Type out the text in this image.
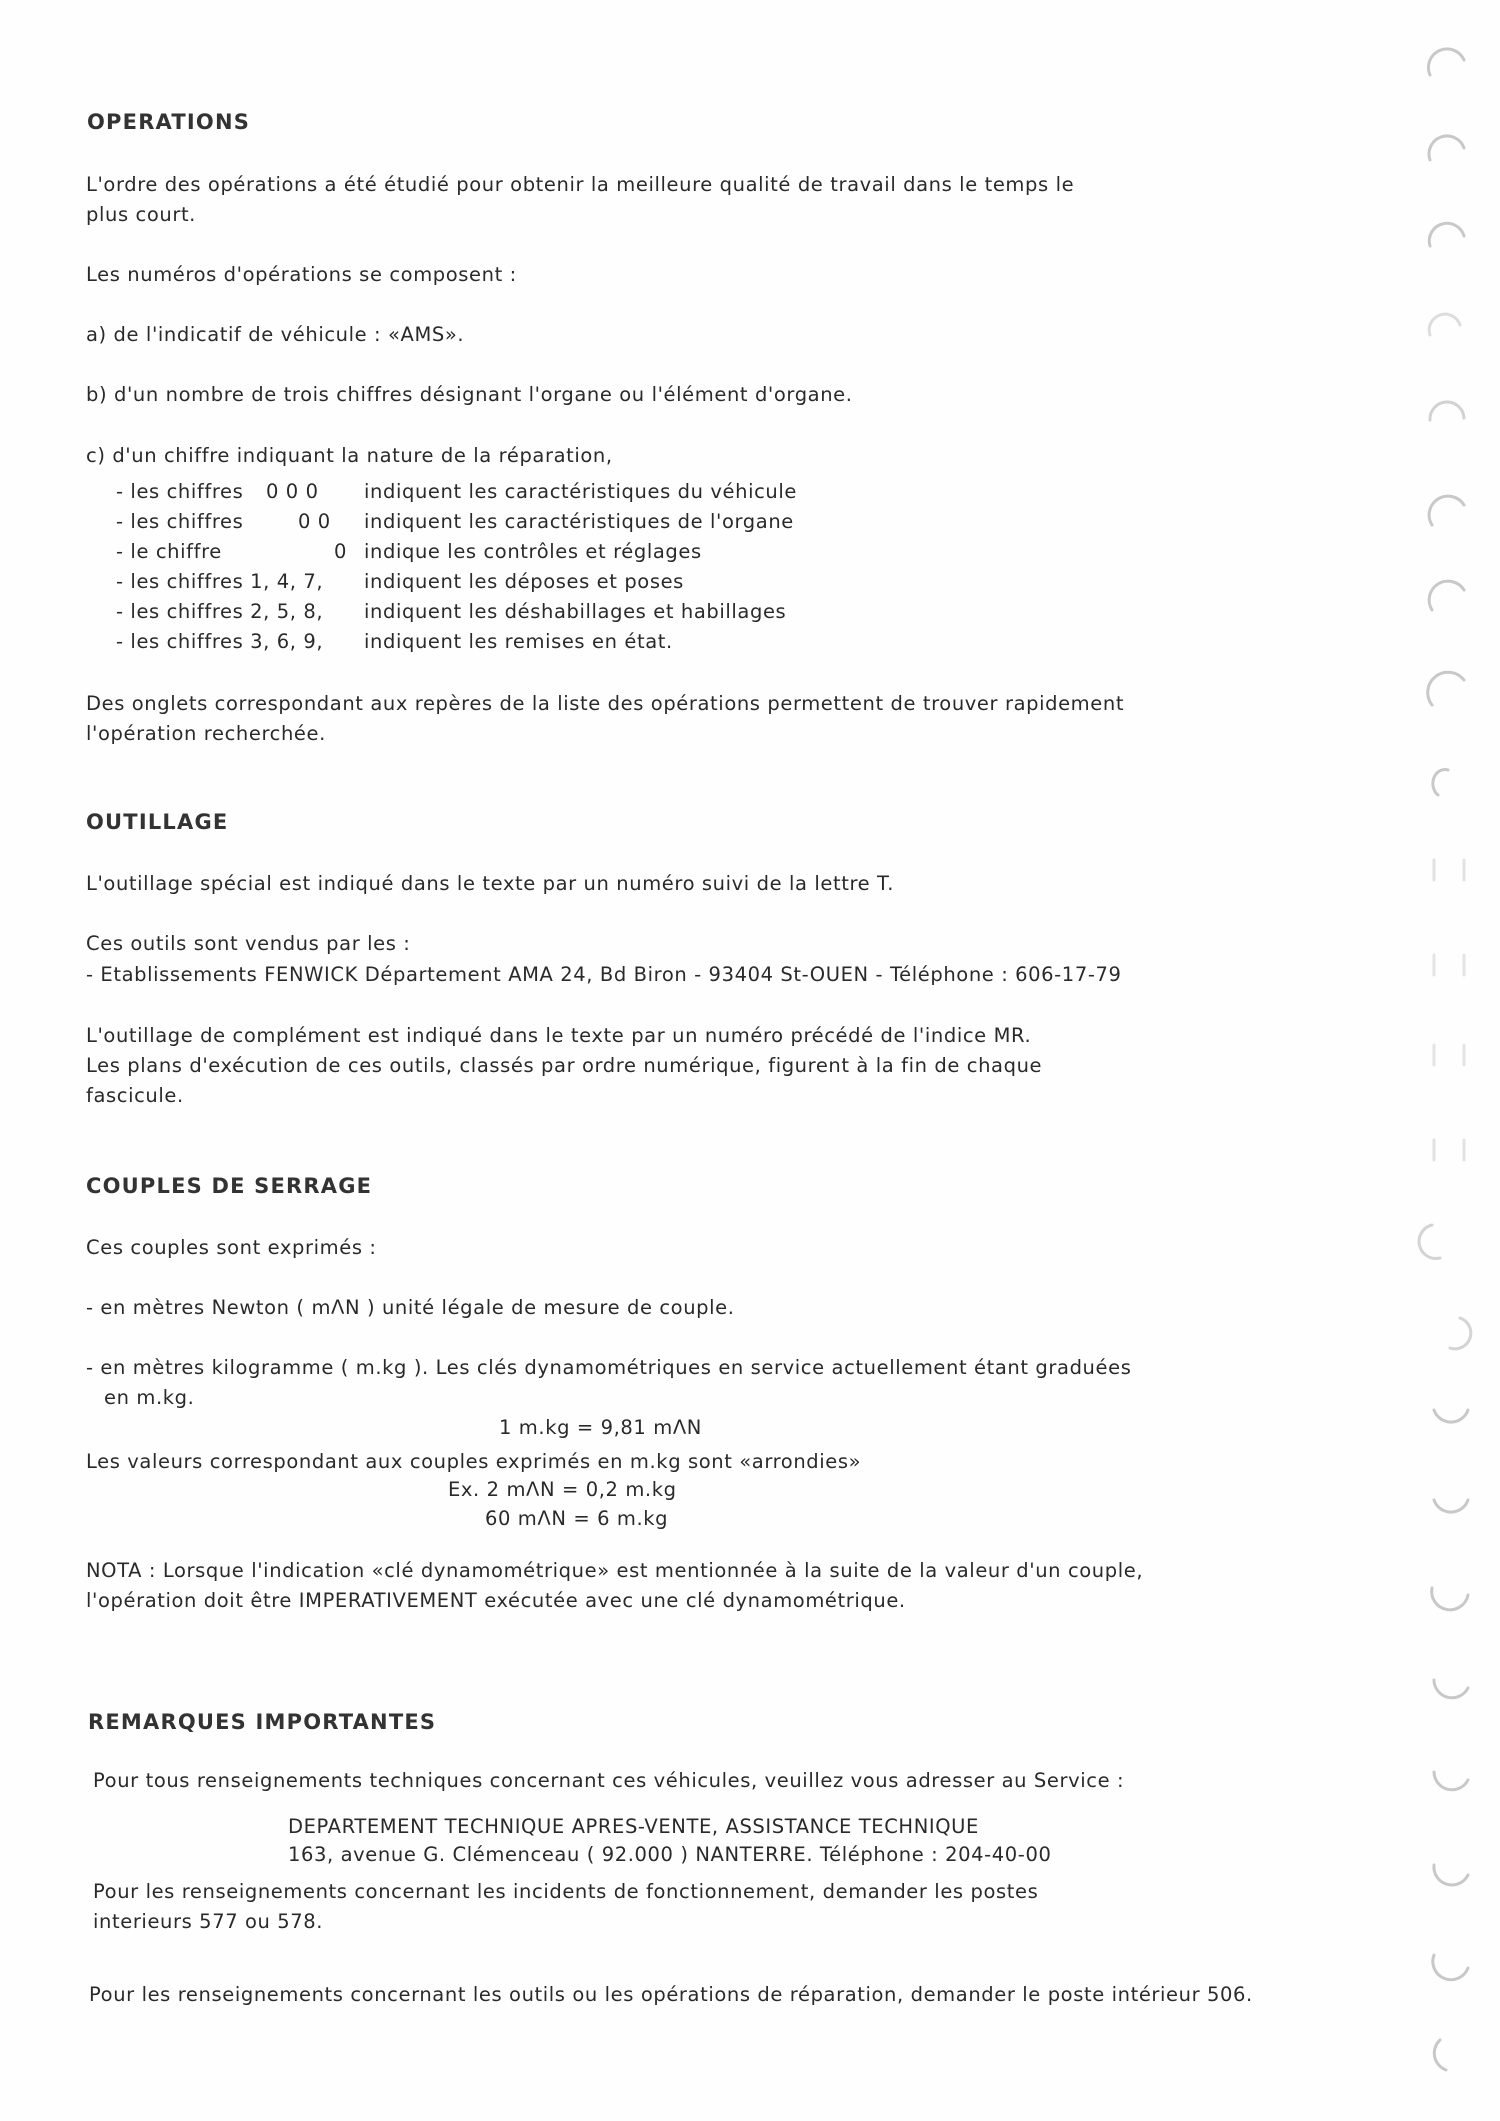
OPERATIONS
L'ordre des opérations a été étudié pour obtenir la meilleure qualité de travail dans le temps le
plus court.
Les numéros d'opérations se composent :
a) de l'indicatif de véhicule : «AMS».
b) d'un nombre de trois chiffres désignant l'organe ou l'élément d'organe.
c) d'un chiffre indiquant la nature de la réparation,
- les chiffres 0 0 0 indiquent les caractéristiques du véhicule
- les chiffres	0 0 indiquent les caractéristiques de l'organe
- le chiffre	0 indique les contrôles et réglages
- les chiffres 1, 4, 7, indiquent les déposes et poses
- les chiffres 2, 5, 8, indiquent les déshabillages et habillages
- les chiffres 3, 6, 9, indiquent les remises en état.
Des onglets correspondant aux repères de la liste des opérations permettent de trouver rapidement
l'opération recherchée.
OUTILLAGE
L'outillage spécial est indiqué dans le texte par un numéro suivi de la lettre T.
Ces outils sont vendus par les :
- Etablissements FENWICK Département AMA 24, Bd Biron - 93404 St-OUEN - Téléphone : 606-17-79
L'outillage de complément est indiqué dans le texte par un numéro précédé de l'indice MR.
Les plans d'exécution de ces outils, classés par ordre numérique, figurent à la fin de chaque
fascicule.
COUPLES DE SERRAGE
Ces couples sont exprimés :
- en mètres Newton ( mΛN ) unité légale de mesure de couple.
- en mètres kilogramme ( m.kg ). Les clés dynamométriques en service actuellement étant graduées
en m.kg.
1 m.kg = 9,81 mΛN
Les valeurs correspondant aux couples exprimés en m.kg sont «arrondies»
Ex. 2 mΛN = 0,2 m.kg
60 mΛN = 6 m.kg
NOTA : Lorsque l'indication «clé dynamométrique» est mentionnée à la suite de la valeur d'un couple,
l'opération doit être IMPERATIVEMENT exécutée avec une clé dynamométrique.
REMARQUES IMPORTANTES
Pour tous renseignements techniques concernant ces véhicules, veuillez vous adresser au Service :
DEPARTEMENT TECHNIQUE APRES-VENTE, ASSISTANCE TECHNIQUE
163, avenue G. Clémenceau ( 92.000 ) NANTERRE. Téléphone : 204-40-00
Pour les renseignements concernant les incidents de fonctionnement, demander les postes
interieurs 577 ou 578.
Pour les renseignements concernant les outils ou les opérations de réparation, demander le poste intérieur 506.
